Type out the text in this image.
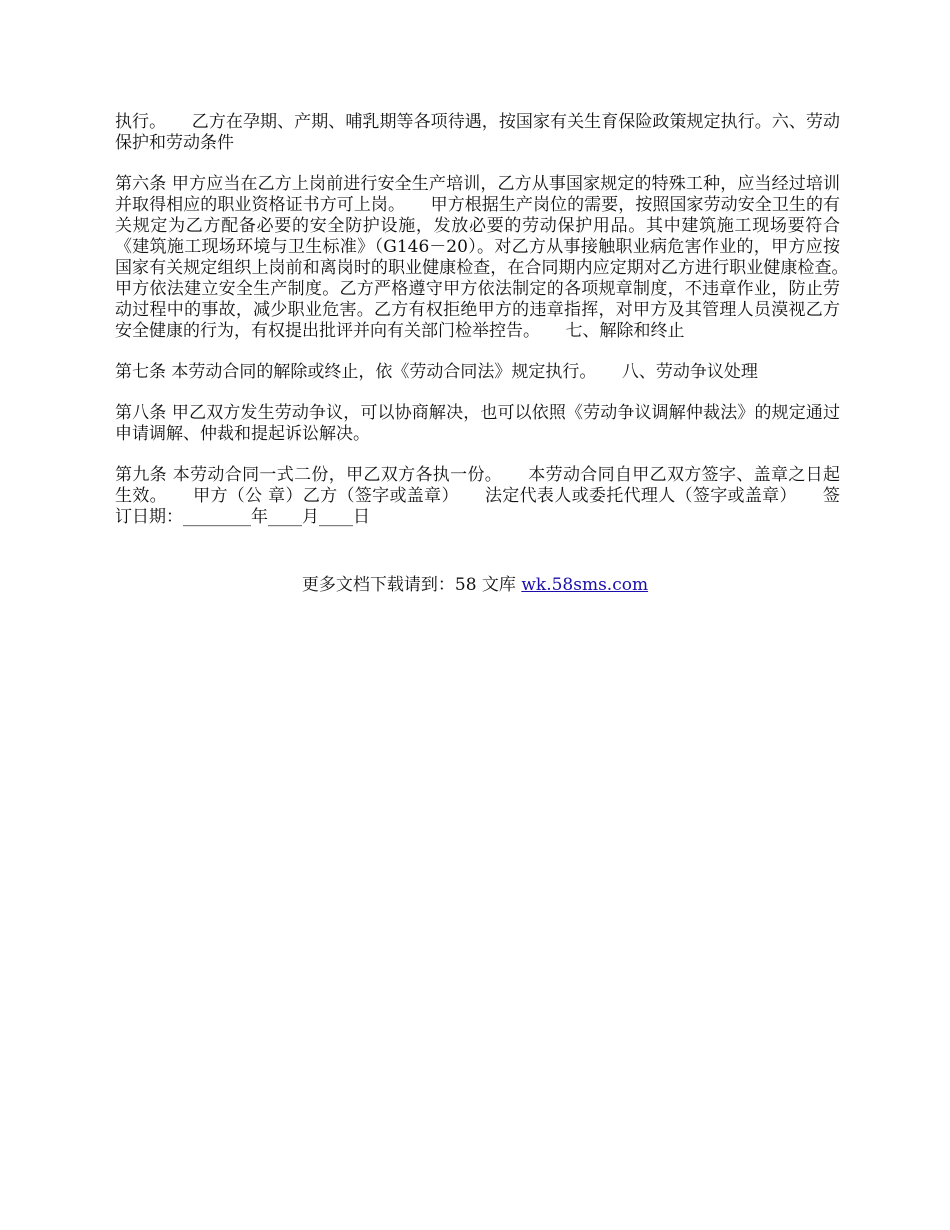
执行。　　乙方在孕期、产期、哺乳期等各项待遇，按国家有关生育保险政策规定执行。六、劳动保护和劳动条件

第六条 甲方应当在乙方上岗前进行安全生产培训，乙方从事国家规定的特殊工种，应当经过培训并取得相应的职业资格证书方可上岗。　　甲方根据生产岗位的需要，按照国家劳动安全卫生的有关规定为乙方配备必要的安全防护设施，发放必要的劳动保护用品。其中建筑施工现场要符合《建筑施工现场环境与卫生标准》（G146－20）。对乙方从事接触职业病危害作业的，甲方应按国家有关规定组织上岗前和离岗时的职业健康检查，在合同期内应定期对乙方进行职业健康检查。　　甲方依法建立安全生产制度。乙方严格遵守甲方依法制定的各项规章制度，不违章作业，防止劳动过程中的事故，减少职业危害。乙方有权拒绝甲方的违章指挥，对甲方及其管理人员漠视乙方安全健康的行为，有权提出批评并向有关部门检举控告。　　七、解除和终止

第七条 本劳动合同的解除或终止，依《劳动合同法》规定执行。　　八、劳动争议处理

第八条 甲乙双方发生劳动争议，可以协商解决，也可以依照《劳动争议调解仲裁法》的规定通过申请调解、仲裁和提起诉讼解决。

第九条 本劳动合同一式二份，甲乙双方各执一份。　　本劳动合同自甲乙双方签字、盖章之日起生效。　　甲方（公 章）乙方（签字或盖章）　　法定代表人或委托代理人（签字或盖章）　　签订日期：________年____月____日

更多文档下载请到：58 文库 wk.58sms.com
